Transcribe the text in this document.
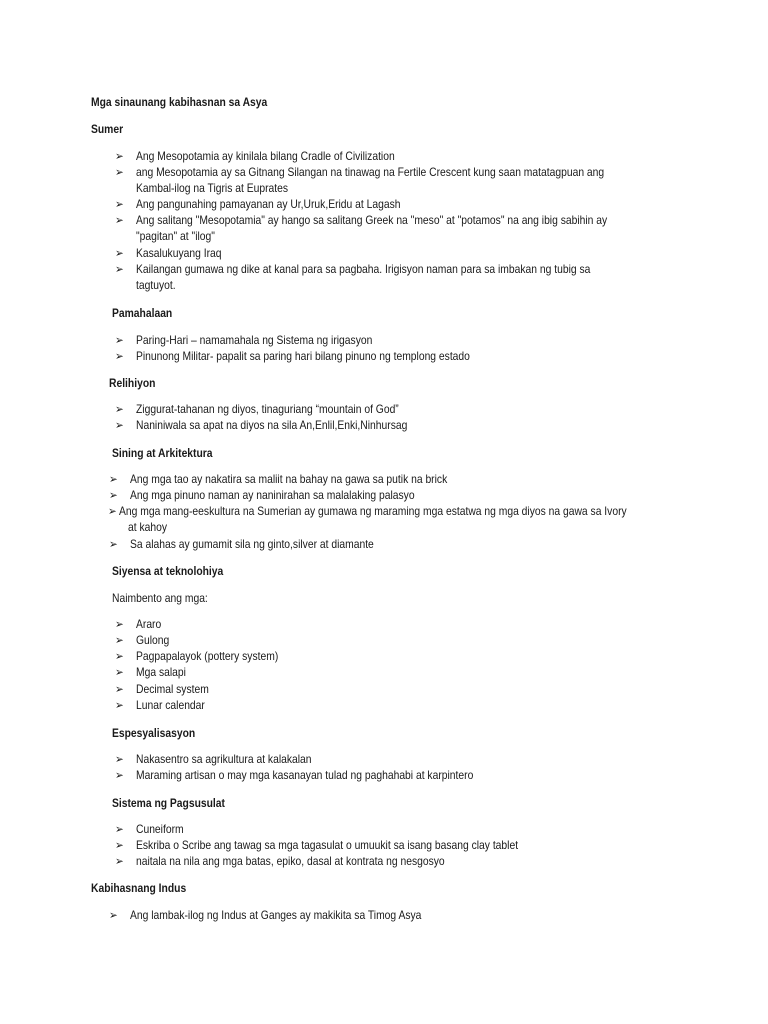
Mga sinaunang kabihasnan sa Asya
Sumer
➢ Ang Mesopotamia ay kinilala bilang Cradle of Civilization
➢ ang Mesopotamia ay sa Gitnang Silangan na tinawag na Fertile Crescent kung saan matatagpuan ang
Kambal-ilog na Tigris at Euprates
➢ Ang pangunahing pamayanan ay Ur,Uruk,Eridu at Lagash
➢ Ang salitang "Mesopotamia" ay hango sa salitang Greek na "meso" at "potamos" na ang ibig sabihin ay
"pagitan" at "ilog"
➢ Kasalukuyang Iraq
➢ Kailangan gumawa ng dike at kanal para sa pagbaha. Irigisyon naman para sa imbakan ng tubig sa
tagtuyot.
Pamahalaan
➢ Paring-Hari – namamahala ng Sistema ng irigasyon
➢ Pinunong Militar- papalit sa paring hari bilang pinuno ng templong estado
Relihiyon
➢ Ziggurat-tahanan ng diyos, tinaguriang “mountain of God”
➢ Naniniwala sa apat na diyos na sila An,Enlil,Enki,Ninhursag
Sining at Arkitektura
➢ Ang mga tao ay nakatira sa maliit na bahay na gawa sa putik na brick
➢ Ang mga pinuno naman ay naninirahan sa malalaking palasyo
➢ Ang mga mang-eeskultura na Sumerian ay gumawa ng maraming mga estatwa ng mga diyos na gawa sa Ivory
at kahoy
➢ Sa alahas ay gumamit sila ng ginto,silver at diamante
Siyensa at teknolohiya
Naimbento ang mga:
➢ Araro
➢ Gulong
➢ Pagpapalayok (pottery system)
➢ Mga salapi
➢ Decimal system
➢ Lunar calendar
Espesyalisasyon
➢ Nakasentro sa agrikultura at kalakalan
➢ Maraming artisan o may mga kasanayan tulad ng paghahabi at karpintero
Sistema ng Pagsusulat
➢ Cuneiform
➢ Eskriba o Scribe ang tawag sa mga tagasulat o umuukit sa isang basang clay tablet
➢ naitala na nila ang mga batas, epiko, dasal at kontrata ng nesgosyo
Kabihasnang Indus
➢ Ang lambak-ilog ng Indus at Ganges ay makikita sa Timog Asya
